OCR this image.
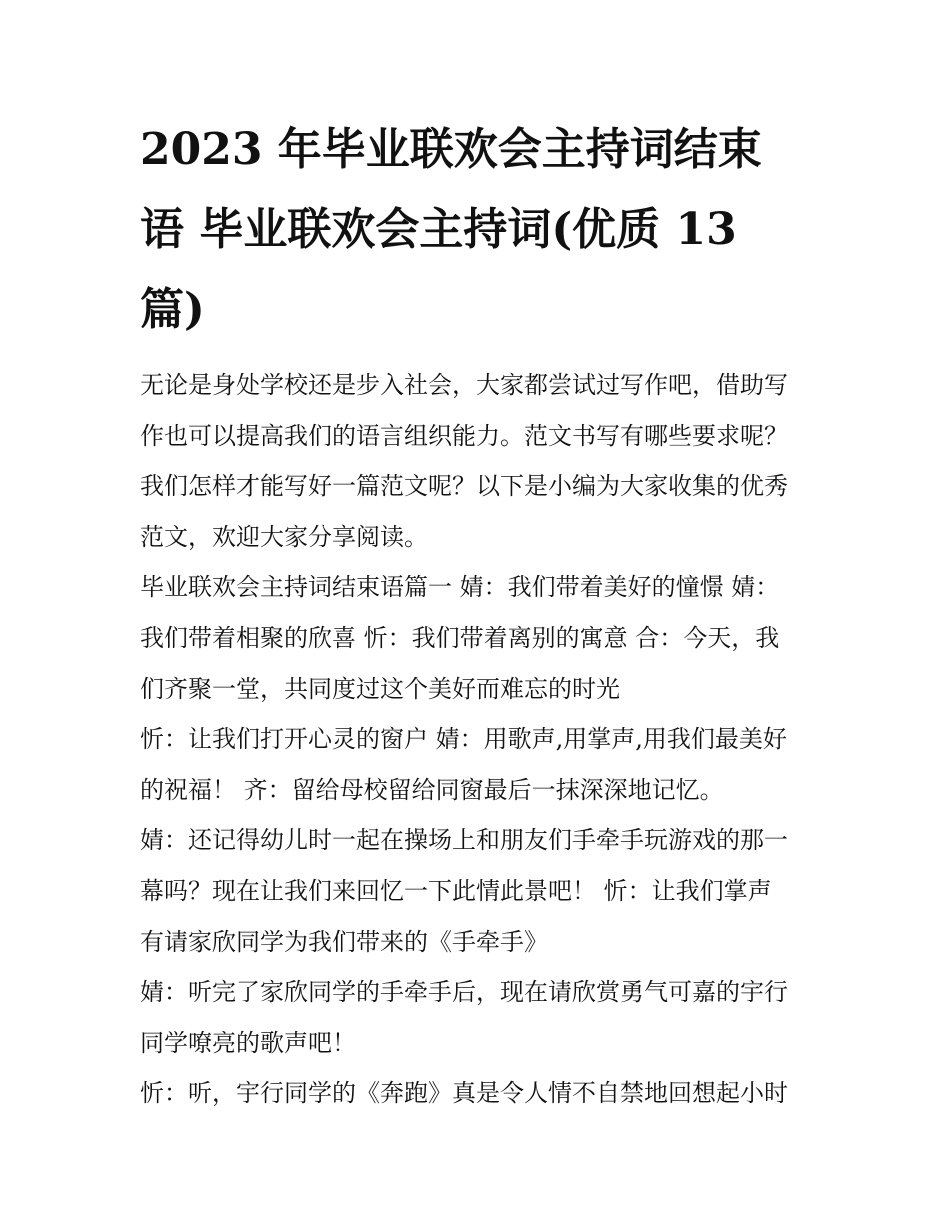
2023 年毕业联欢会主持词结束
语 毕业联欢会主持词(优质 13
篇)

无论是身处学校还是步入社会，大家都尝试过写作吧，借助写

作也可以提高我们的语言组织能力。范文书写有哪些要求呢？

我们怎样才能写好一篇范文呢？以下是小编为大家收集的优秀

范文，欢迎大家分享阅读。

毕业联欢会主持词结束语篇一 婧：我们带着美好的憧憬 婧：

我们带着相聚的欣喜 忻：我们带着离别的寓意 合：今天，我

们齐聚一堂，共同度过这个美好而难忘的时光

忻：让我们打开心灵的窗户 婧：用歌声,用掌声,用我们最美好

的祝福！ 齐：留给母校留给同窗最后一抹深深地记忆。

婧：还记得幼儿时一起在操场上和朋友们手牵手玩游戏的那一

幕吗？现在让我们来回忆一下此情此景吧！ 忻：让我们掌声

有请家欣同学为我们带来的《手牵手》

婧：听完了家欣同学的手牵手后，现在请欣赏勇气可嘉的宇行

同学嘹亮的歌声吧！

忻：听，宇行同学的《奔跑》真是令人情不自禁地回想起小时
